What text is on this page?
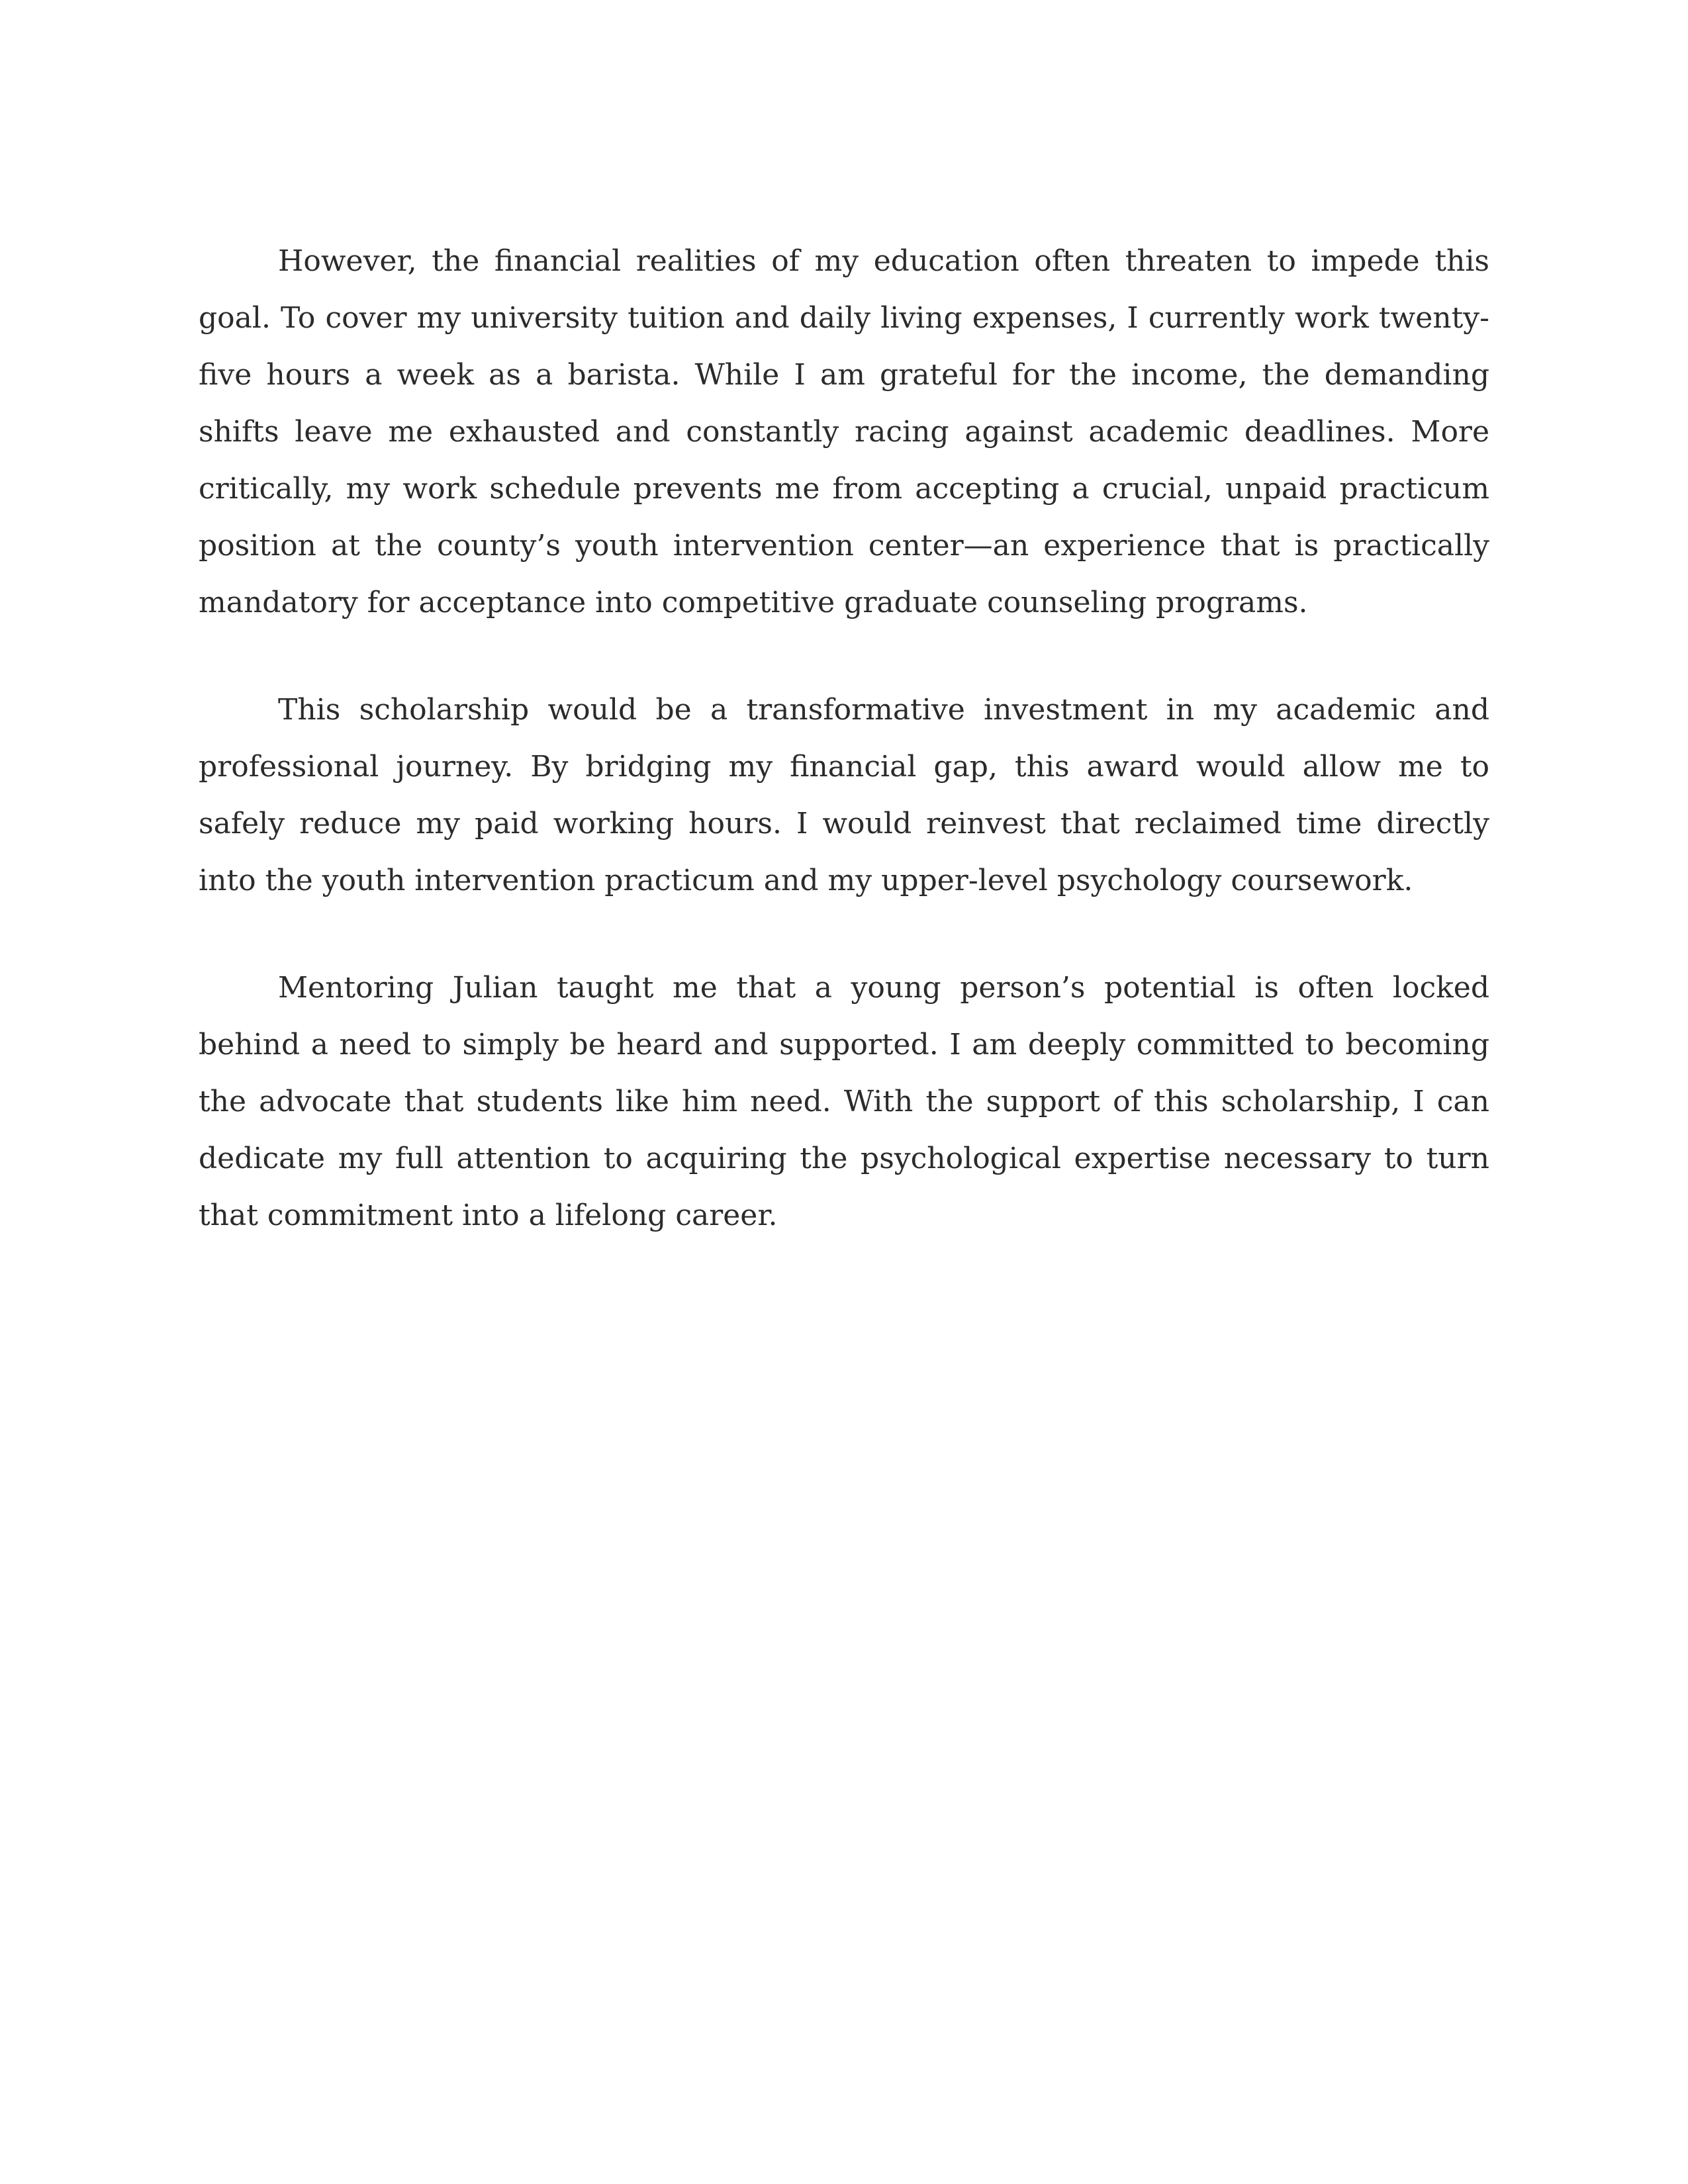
However, the financial realities of my education often threaten to impede this goal. To cover my university tuition and daily living expenses, I currently work twenty-five hours a week as a barista. While I am grateful for the income, the demanding shifts leave me exhausted and constantly racing against academic deadlines. More critically, my work schedule prevents me from accepting a crucial, unpaid practicum position at the county’s youth intervention center—an experience that is practically mandatory for acceptance into competitive graduate counseling programs.

This scholarship would be a transformative investment in my academic and professional journey. By bridging my financial gap, this award would allow me to safely reduce my paid working hours. I would reinvest that reclaimed time directly into the youth intervention practicum and my upper-level psychology coursework.

Mentoring Julian taught me that a young person’s potential is often locked behind a need to simply be heard and supported. I am deeply committed to becoming the advocate that students like him need. With the support of this scholarship, I can dedicate my full attention to acquiring the psychological expertise necessary to turn that commitment into a lifelong career.
